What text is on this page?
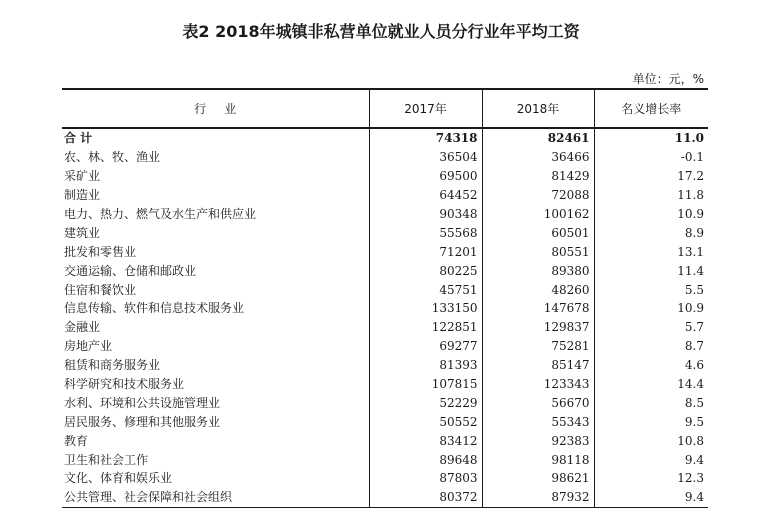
表2 2018年城镇非私营单位就业人员分行业年平均工资
单位：元，%
行业	2017年	2018年	名义增长率
合 计	74318	82461	11.0
农、林、牧、渔业	36504	36466	-0.1
采矿业	69500	81429	17.2
制造业	64452	72088	11.8
电力、热力、燃气及水生产和供应业	90348	100162	10.9
建筑业	55568	60501	8.9
批发和零售业	71201	80551	13.1
交通运输、仓储和邮政业	80225	89380	11.4
住宿和餐饮业	45751	48260	5.5
信息传输、软件和信息技术服务业	133150	147678	10.9
金融业	122851	129837	5.7
房地产业	69277	75281	8.7
租赁和商务服务业	81393	85147	4.6
科学研究和技术服务业	107815	123343	14.4
水利、环境和公共设施管理业	52229	56670	8.5
居民服务、修理和其他服务业	50552	55343	9.5
教育	83412	92383	10.8
卫生和社会工作	89648	98118	9.4
文化、体育和娱乐业	87803	98621	12.3
公共管理、社会保障和社会组织	80372	87932	9.4
